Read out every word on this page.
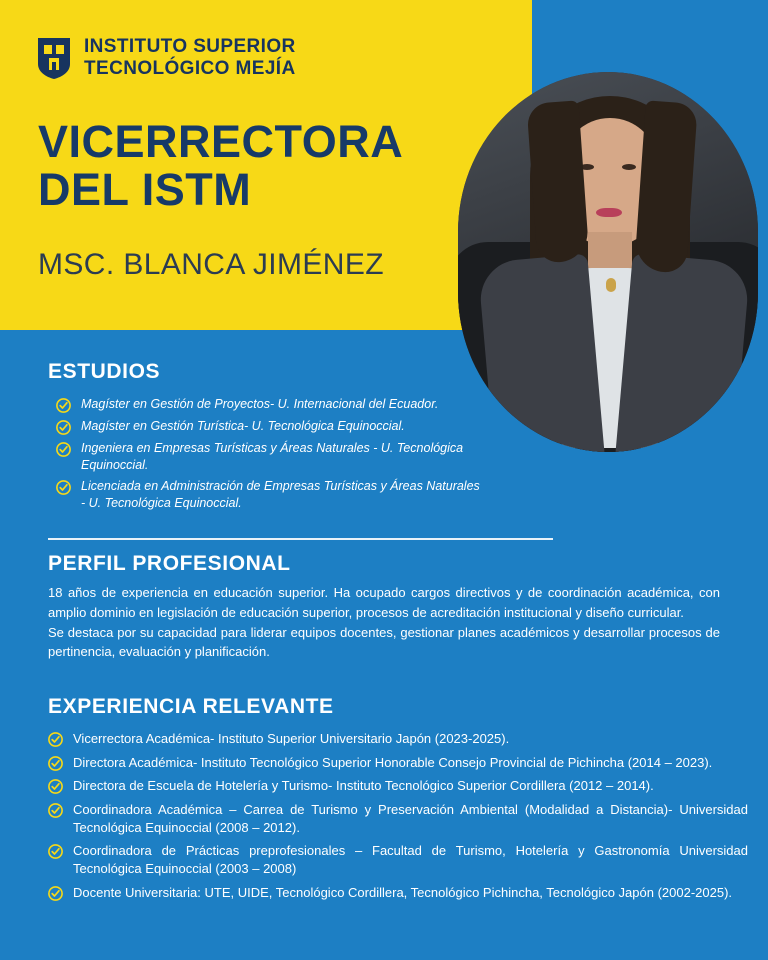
INSTITUTO SUPERIOR
TECNOLÓGICO MEJÍA
VICERRECTORA
DEL ISTM
MSC. BLANCA JIMÉNEZ
ESTUDIOS
Magíster en Gestión de Proyectos- U. Internacional del Ecuador.
Magíster en Gestión Turística- U. Tecnológica Equinoccial.
Ingeniera en Empresas Turísticas y Áreas Naturales - U. Tecnológica Equinoccial.
Licenciada en Administración de Empresas Turísticas y Áreas Naturales - U. Tecnológica Equinoccial.
PERFIL PROFESIONAL

18 años de experiencia en educación superior. Ha ocupado cargos directivos y de coordinación académica, con amplio dominio en legislación de educación superior, procesos de acreditación institucional y diseño curricular.

Se destaca por su capacidad para liderar equipos docentes, gestionar planes académicos y desarrollar procesos de pertinencia, evaluación y planificación.

EXPERIENCIA RELEVANTE
Vicerrectora Académica- Instituto Superior Universitario Japón (2023-2025).
Directora Académica- Instituto Tecnológico Superior Honorable Consejo Provincial de Pichincha (2014 – 2023).
Directora de Escuela de Hotelería y Turismo- Instituto Tecnológico Superior Cordillera (2012 – 2014).
Coordinadora Académica – Carrea de Turismo y Preservación Ambiental (Modalidad a Distancia)- Universidad Tecnológica Equinoccial (2008 – 2012).
Coordinadora de Prácticas preprofesionales – Facultad de Turismo, Hotelería y Gastronomía Universidad Tecnológica Equinoccial (2003 – 2008)
Docente Universitaria: UTE, UIDE, Tecnológico Cordillera, Tecnológico Pichincha, Tecnológico Japón (2002-2025).
